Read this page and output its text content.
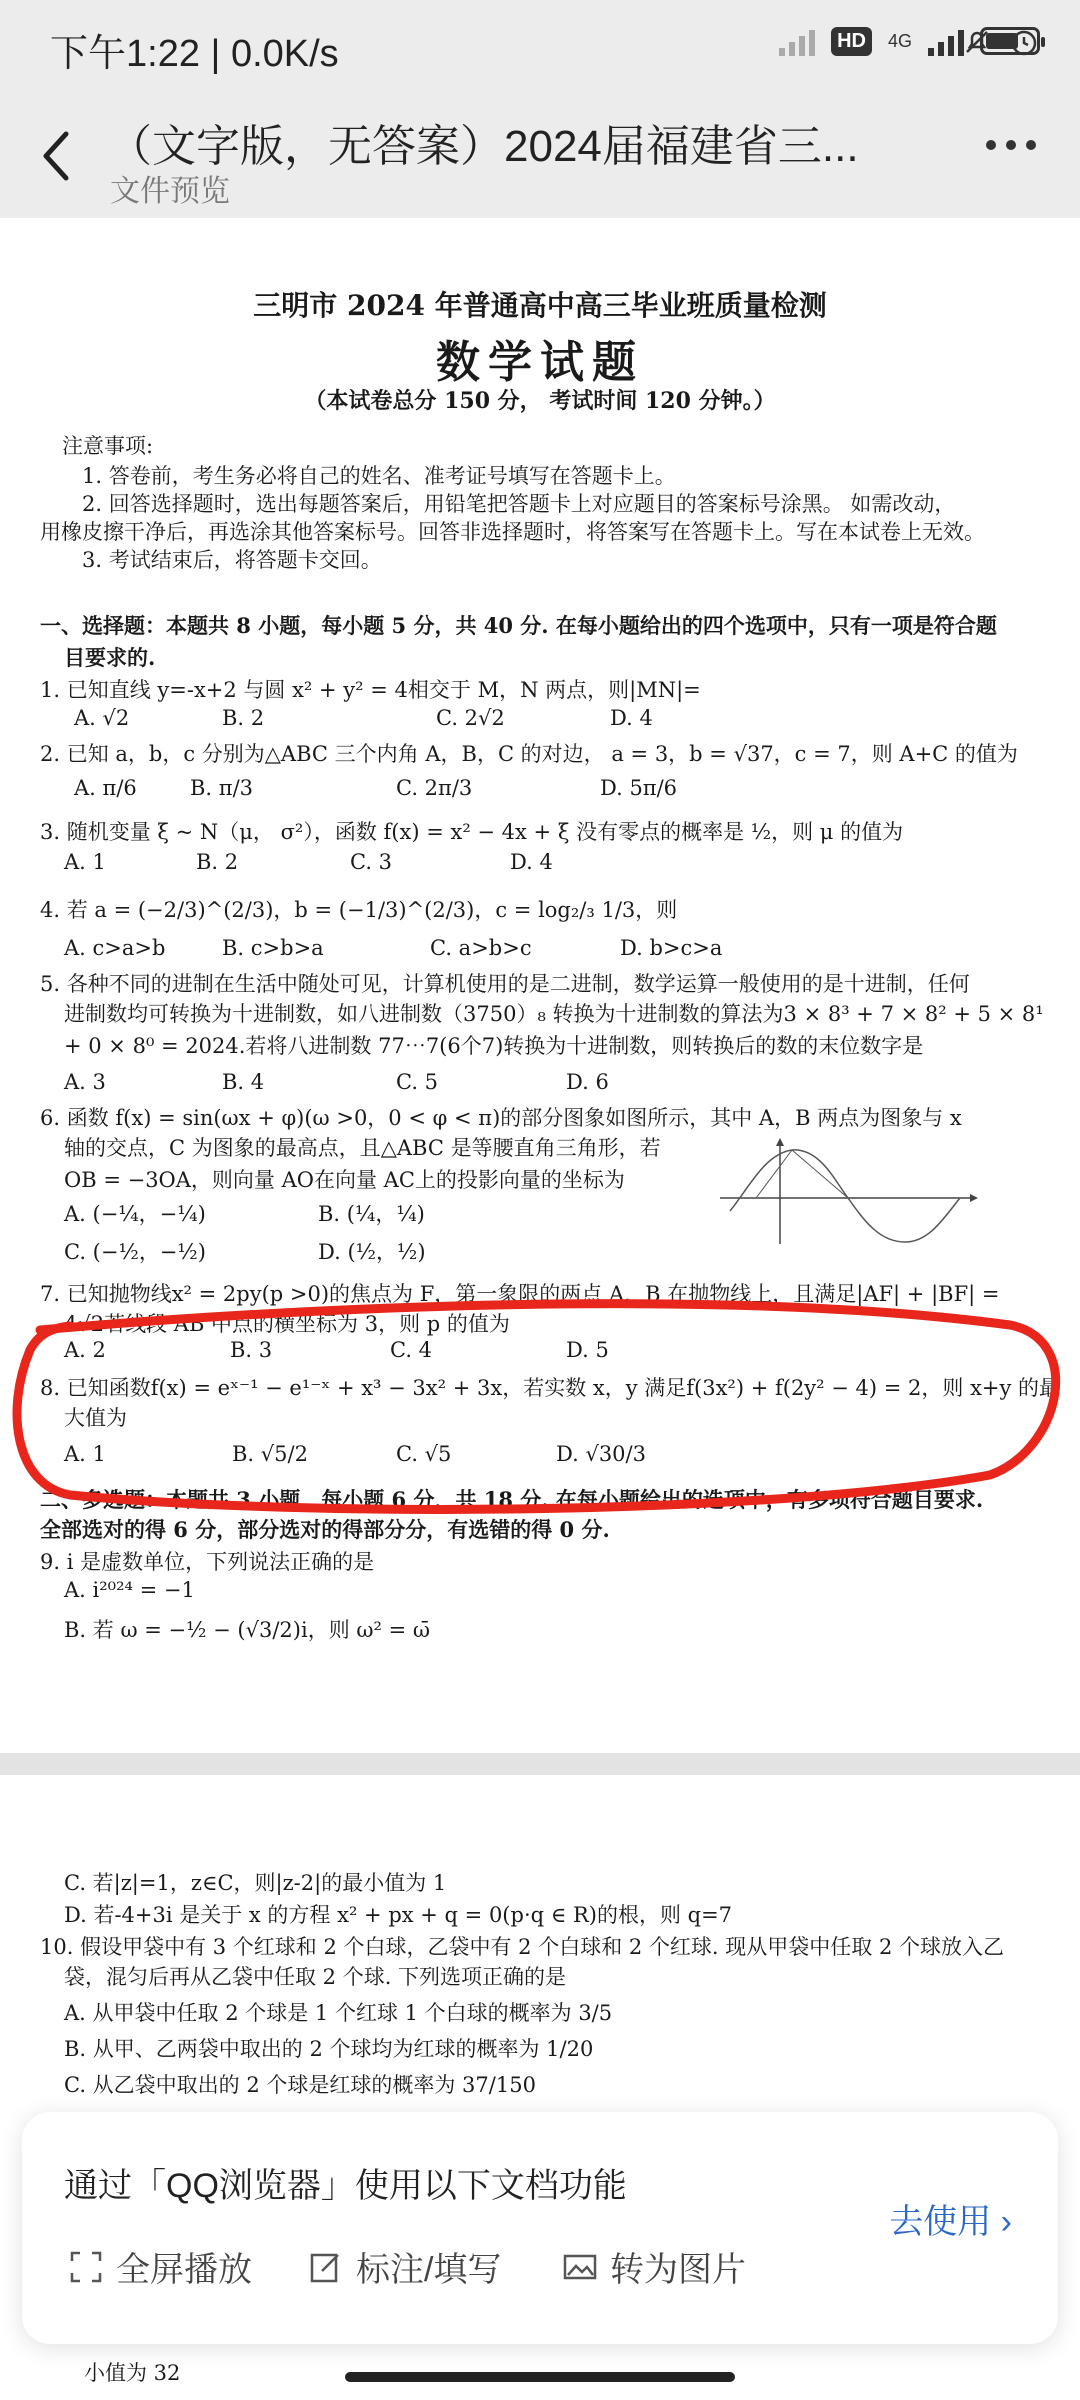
下午1:22 | 0.0K/s	HD	4G
（文字版，无答案）2024届福建省三...
文件预览
三明市 2024 年普通高中高三毕业班质量检测
数学试题
（本试卷总分 150 分， 考试时间 120 分钟。）
注意事项:
1. 答卷前，考生务必将自己的姓名、准考证号填写在答题卡上。
2. 回答选择题时，选出每题答案后，用铅笔把答题卡上对应题目的答案标号涂黑。 如需改动，
用橡皮擦干净后，再选涂其他答案标号。回答非选择题时，将答案写在答题卡上。写在本试卷上无效。
3. 考试结束后，将答题卡交回。
一、选择题：本题共 8 小题，每小题 5 分，共 40 分. 在每小题给出的四个选项中，只有一项是符合题
目要求的.
1. 已知直线 y=-x+2 与圆 x² + y² = 4相交于 M，N 两点，则|MN|=
A. √2	B. 2	C. 2√2	D. 4
2. 已知 a，b，c 分别为△ABC 三个内角 A，B，C 的对边， a = 3，b = √37，c = 7，则 A+C 的值为
A. π/6	B. π/3	C. 2π/3	D. 5π/6
3. 随机变量 ξ ~ N（μ， σ²），函数 f(x) = x² − 4x + ξ 没有零点的概率是 ½，则 μ 的值为
A. 1	B. 2	C. 3	D. 4
4. 若 a = (−2/3)^(2/3)，b = (−1/3)^(2/3)，c = log₂/₃ 1/3，则
A. c>a>b	B. c>b>a	C. a>b>c	D. b>c>a
5. 各种不同的进制在生活中随处可见，计算机使用的是二进制，数学运算一般使用的是十进制，任何
进制数均可转换为十进制数，如八进制数（3750）₈ 转换为十进制数的算法为3 × 8³ + 7 × 8² + 5 × 8¹
+ 0 × 8⁰ = 2024.若将八进制数 77⋯7(6个7)转换为十进制数，则转换后的数的末位数字是
A. 3	B. 4	C. 5	D. 6
6. 函数 f(x) = sin(ωx + φ)(ω >0，0 < φ < π)的部分图象如图所示，其中 A，B 两点为图象与 x
轴的交点，C 为图象的最高点，且△ABC 是等腰直角三角形，若
OB = −3OA，则向量 AO在向量 AC上的投影向量的坐标为
A. (−¼，−¼)	B. (¼，¼)
C. (−½，−½)	D. (½，½)
7. 已知抛物线x² = 2py(p >0)的焦点为 F，第一象限的两点 A，B 在抛物线上，且满足|AF| + |BF| =
4√2若线段 AB 中点的横坐标为 3，则 p 的值为
A. 2	B. 3	C. 4	D. 5
8. 已知函数f(x) = eˣ⁻¹ − e¹⁻ˣ + x³ − 3x² + 3x，若实数 x，y 满足f(3x²) + f(2y² − 4) = 2，则 x+y 的最
大值为
A. 1	B. √5/2	C. √5	D. √30/3
二、多选题：本题共 3 小题，每小题 6 分，共 18 分. 在每小题给出的选项中，有多项符合题目要求.
全部选对的得 6 分，部分选对的得部分分，有选错的得 0 分.
9. i 是虚数单位，下列说法正确的是
A. i²⁰²⁴ = −1
B. 若 ω = −½ − (√3/2)i，则 ω² = ω̄
C. 若|z|=1，z∈C，则|z-2|的最小值为 1
D. 若-4+3i 是关于 x 的方程 x² + px + q = 0(p·q ∈ R)的根，则 q=7
10. 假设甲袋中有 3 个红球和 2 个白球，乙袋中有 2 个白球和 2 个红球. 现从甲袋中任取 2 个球放入乙
袋，混匀后再从乙袋中任取 2 个球. 下列选项正确的是
A. 从甲袋中任取 2 个球是 1 个红球 1 个白球的概率为 3/5
B. 从甲、乙两袋中取出的 2 个球均为红球的概率为 1/20
C. 从乙袋中取出的 2 个球是红球的概率为 37/150
小值为 32
通过「QQ浏览器」使用以下文档功能
全屏播放	标注/填写	转为图片
去使用 ›
